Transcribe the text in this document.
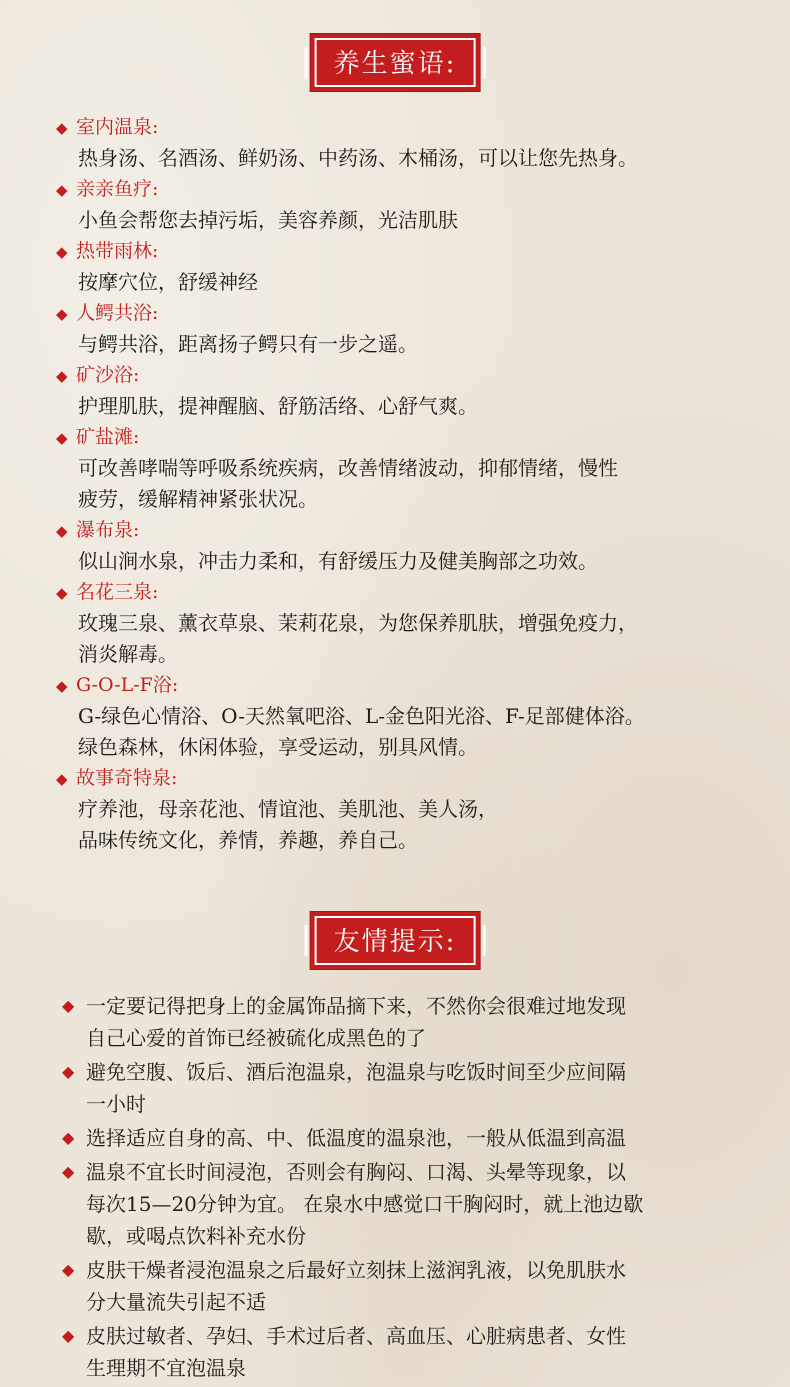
养生蜜语:
◆ 室内温泉:
热身汤、名酒汤、鲜奶汤、中药汤、木桶汤，可以让您先热身。
◆ 亲亲鱼疗:
小鱼会帮您去掉污垢，美容养颜，光洁肌肤
◆ 热带雨林:
按摩穴位，舒缓神经
◆ 人鳄共浴:
与鳄共浴，距离扬子鳄只有一步之遥。
◆ 矿沙浴:
护理肌肤，提神醒脑、舒筋活络、心舒气爽。
◆ 矿盐滩:
可改善哮喘等呼吸系统疾病，改善情绪波动，抑郁情绪，慢性
疲劳，缓解精神紧张状况。
◆ 瀑布泉:
似山涧水泉，冲击力柔和，有舒缓压力及健美胸部之功效。
◆ 名花三泉:
玫瑰三泉、薰衣草泉、茉莉花泉，为您保养肌肤，增强免疫力，
消炎解毒。
◆ G-O-L-F浴:
G-绿色心情浴、O-天然氧吧浴、L-金色阳光浴、F-足部健体浴。
绿色森林，休闲体验，享受运动，别具风情。
◆ 故事奇特泉:
疗养池，母亲花池、情谊池、美肌池、美人汤，
品味传统文化，养情，养趣，养自己。
友情提示:
◆ 一定要记得把身上的金属饰品摘下来，不然你会很难过地发现
自己心爱的首饰已经被硫化成黑色的了
◆ 避免空腹、饭后、酒后泡温泉，泡温泉与吃饭时间至少应间隔
一小时
◆ 选择适应自身的高、中、低温度的温泉池，一般从低温到高温
◆ 温泉不宜长时间浸泡，否则会有胸闷、口渴、头晕等现象，以
每次15—20分钟为宜。 在泉水中感觉口干胸闷时，就上池边歇
歇，或喝点饮料补充水份
◆ 皮肤干燥者浸泡温泉之后最好立刻抹上滋润乳液，以免肌肤水
分大量流失引起不适
◆ 皮肤过敏者、孕妇、手术过后者、高血压、心脏病患者、女性
生理期不宜泡温泉
